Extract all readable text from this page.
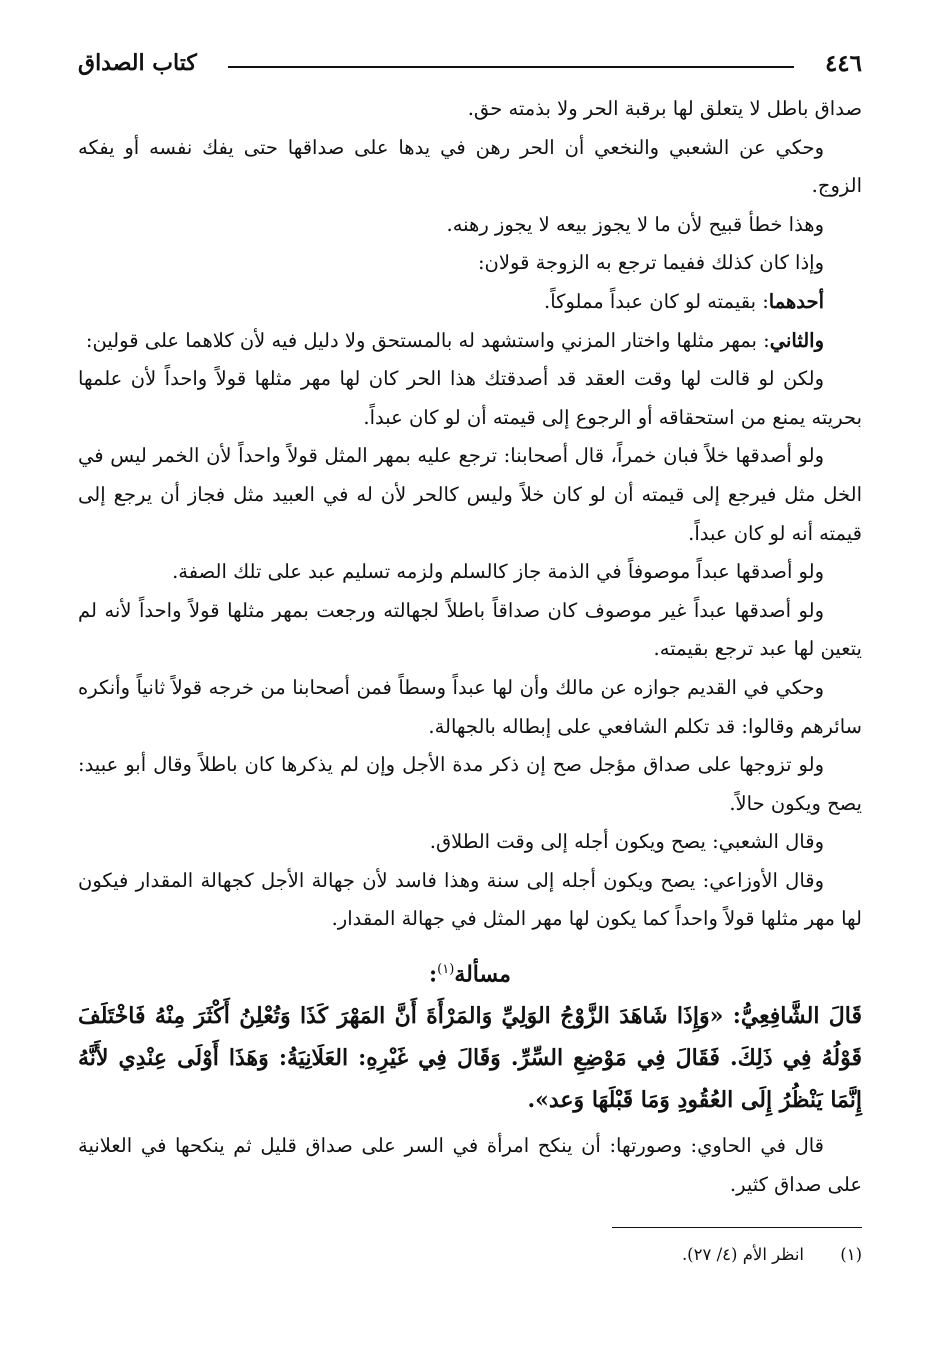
٤٤٦
كتاب الصداق

صداق باطل لا يتعلق لها برقبة الحر ولا بذمته حق.

وحكي عن الشعبي والنخعي أن الحر رهن في يدها على صداقها حتى يفك نفسه أو يفكه الزوج.

وهذا خطأ قبيح لأن ما لا يجوز بيعه لا يجوز رهنه.

وإذا كان كذلك ففيما ترجع به الزوجة قولان:

أحدهما: بقيمته لو كان عبداً مملوكاً.

والثاني: بمهر مثلها واختار المزني واستشهد له بالمستحق ولا دليل فيه لأن كلاهما على قولين:

ولكن لو قالت لها وقت العقد قد أصدقتك هذا الحر كان لها مهر مثلها قولاً واحداً لأن علمها بحريته يمنع من استحقاقه أو الرجوع إلى قيمته أن لو كان عبداً.

ولو أصدقها خلاً فبان خمراً، قال أصحابنا: ترجع عليه بمهر المثل قولاً واحداً لأن الخمر ليس في الخل مثل فيرجع إلى قيمته أن لو كان خلاً وليس كالحر لأن له في العبيد مثل فجاز أن يرجع إلى قيمته أنه لو كان عبداً.

ولو أصدقها عبداً موصوفاً في الذمة جاز كالسلم ولزمه تسليم عبد على تلك الصفة.

ولو أصدقها عبداً غير موصوف كان صداقاً باطلاً لجهالته ورجعت بمهر مثلها قولاً واحداً لأنه لم يتعين لها عبد ترجع بقيمته.

وحكي في القديم جوازه عن مالك وأن لها عبداً وسطاً فمن أصحابنا من خرجه قولاً ثانياً وأنكره سائرهم وقالوا: قد تكلم الشافعي على إبطاله بالجهالة.

ولو تزوجها على صداق مؤجل صح إن ذكر مدة الأجل وإن لم يذكرها كان باطلاً وقال أبو عبيد: يصح ويكون حالاً.

وقال الشعبي: يصح ويكون أجله إلى وقت الطلاق.

وقال الأوزاعي: يصح ويكون أجله إلى سنة وهذا فاسد لأن جهالة الأجل كجهالة المقدار فيكون لها مهر مثلها قولاً واحداً كما يكون لها مهر المثل في جهالة المقدار.

مسألة$^{(١)}$:
قَالَ الشَّافِعِيُّ: «وَإِذَا شَاهَدَ الزَّوْجُ الوَلِيِّ وَالمَرْأَةَ أَنَّ المَهْرَ كَذَا وَتُعْلِنُ أَكْثَرَ مِنْهُ فَاخْتَلَفَ قَوْلُهُ فِي ذَلِكَ. فَقَالَ فِي مَوْضِعِ السِّرِّ. وَقَالَ فِي غَيْرِهِ: العَلَانِيَةُ: وَهَذَا أَوْلَى عِنْدِي لأَنَّهُ إِنَّمَا يَنْظُرُ إِلَى العُقُودِ وَمَا قَبْلَهَا وَعد».

قال في الحاوي: وصورتها: أن ينكح امرأة في السر على صداق قليل ثم ينكحها في العلانية على صداق كثير.

(١)انظر الأم (٤/ ٢٧).
